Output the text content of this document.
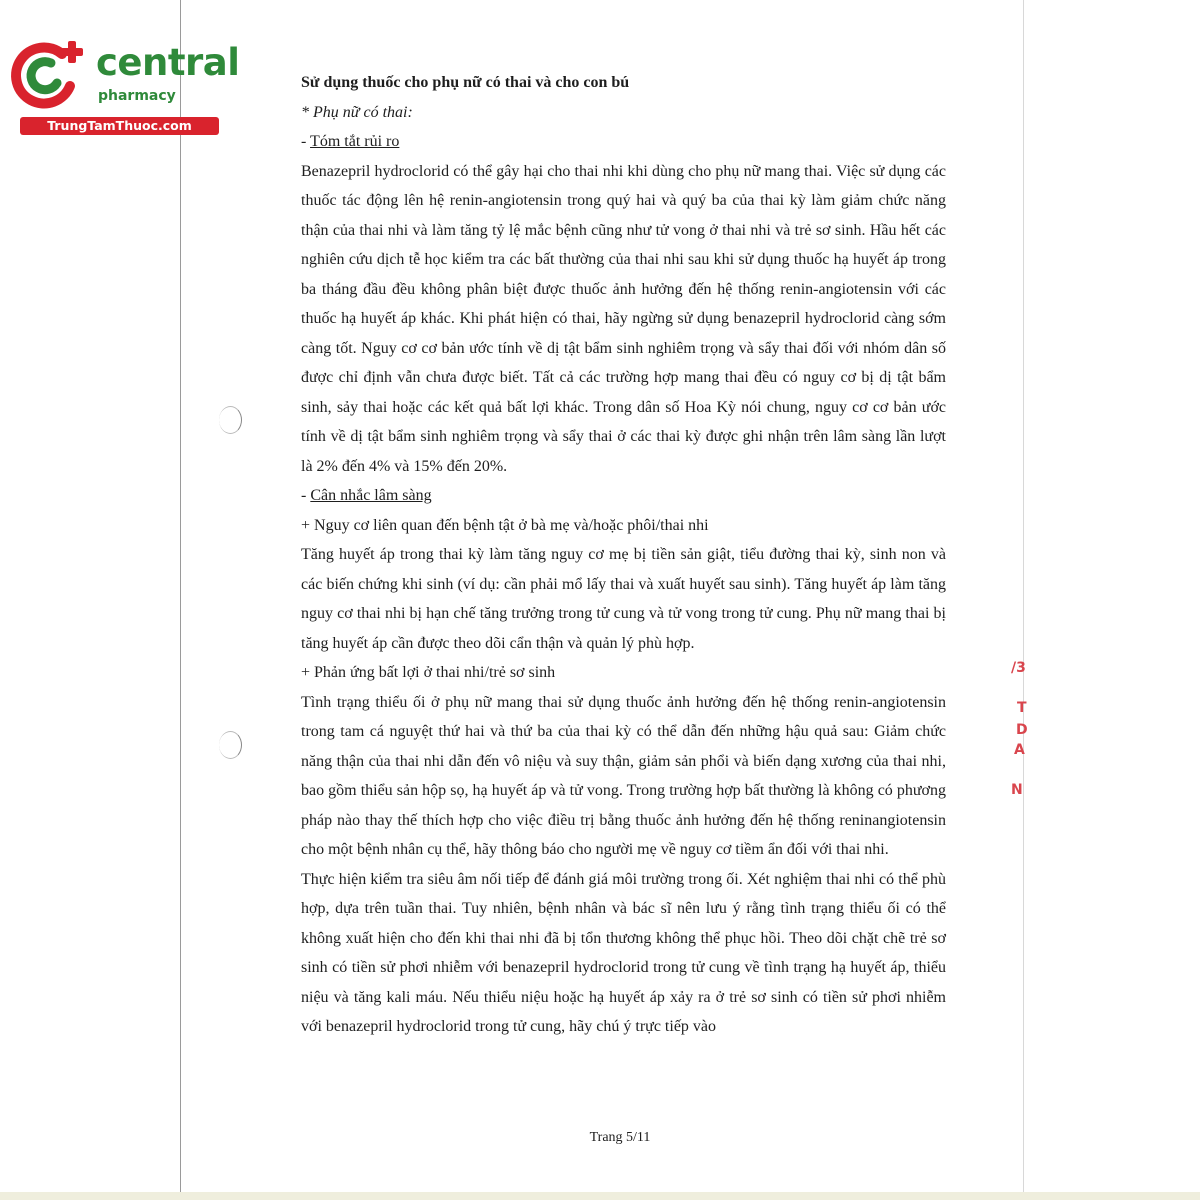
central
pharmacy
TrungTamThuoc.com

Sử dụng thuốc cho phụ nữ có thai và cho con bú

* Phụ nữ có thai:

- Tóm tắt rủi ro

Benazepril hydroclorid có thể gây hại cho thai nhi khi dùng cho phụ nữ mang thai. Việc sử dụng các thuốc tác động lên hệ renin-angiotensin trong quý hai và quý ba của thai kỳ làm giảm chức năng thận của thai nhi và làm tăng tỷ lệ mắc bệnh cũng như tử vong ở thai nhi và trẻ sơ sinh. Hầu hết các nghiên cứu dịch tễ học kiểm tra các bất thường của thai nhi sau khi sử dụng thuốc hạ huyết áp trong ba tháng đầu đều không phân biệt được thuốc ảnh hưởng đến hệ thống renin-angiotensin với các thuốc hạ huyết áp khác. Khi phát hiện có thai, hãy ngừng sử dụng benazepril hydroclorid càng sớm càng tốt. Nguy cơ cơ bản ước tính về dị tật bẩm sinh nghiêm trọng và sẩy thai đối với nhóm dân số được chỉ định vẫn chưa được biết. Tất cả các trường hợp mang thai đều có nguy cơ bị dị tật bẩm sinh, sảy thai hoặc các kết quả bất lợi khác. Trong dân số Hoa Kỳ nói chung, nguy cơ cơ bản ước tính về dị tật bẩm sinh nghiêm trọng và sẩy thai ở các thai kỳ được ghi nhận trên lâm sàng lần lượt là 2% đến 4% và 15% đến 20%.

- Cân nhắc lâm sàng

+ Nguy cơ liên quan đến bệnh tật ở bà mẹ và/hoặc phôi/thai nhi

Tăng huyết áp trong thai kỳ làm tăng nguy cơ mẹ bị tiền sản giật, tiểu đường thai kỳ, sinh non và các biến chứng khi sinh (ví dụ: cần phải mổ lấy thai và xuất huyết sau sinh). Tăng huyết áp làm tăng nguy cơ thai nhi bị hạn chế tăng trưởng trong tử cung và tử vong trong tử cung. Phụ nữ mang thai bị tăng huyết áp cần được theo dõi cẩn thận và quản lý phù hợp.

+ Phản ứng bất lợi ở thai nhi/trẻ sơ sinh

Tình trạng thiểu ối ở phụ nữ mang thai sử dụng thuốc ảnh hưởng đến hệ thống renin-angiotensin trong tam cá nguyệt thứ hai và thứ ba của thai kỳ có thể dẫn đến những hậu quả sau: Giảm chức năng thận của thai nhi dẫn đến vô niệu và suy thận, giảm sản phổi và biến dạng xương của thai nhi, bao gồm thiểu sản hộp sọ, hạ huyết áp và tử vong. Trong trường hợp bất thường là không có phương pháp nào thay thế thích hợp cho việc điều trị bằng thuốc ảnh hưởng đến hệ thống reninangiotensin cho một bệnh nhân cụ thể, hãy thông báo cho người mẹ về nguy cơ tiềm ẩn đối với thai nhi.

Thực hiện kiểm tra siêu âm nối tiếp để đánh giá môi trường trong ối. Xét nghiệm thai nhi có thể phù hợp, dựa trên tuần thai. Tuy nhiên, bệnh nhân và bác sĩ nên lưu ý rằng tình trạng thiểu ối có thể không xuất hiện cho đến khi thai nhi đã bị tổn thương không thể phục hồi. Theo dõi chặt chẽ trẻ sơ sinh có tiền sử phơi nhiễm với benazepril hydroclorid trong tử cung về tình trạng hạ huyết áp, thiểu niệu và tăng kali máu. Nếu thiểu niệu hoặc hạ huyết áp xảy ra ở trẻ sơ sinh có tiền sử phơi nhiễm với benazepril hydroclorid trong tử cung, hãy chú ý trực tiếp vào

Trang 5/11
/3
T
D
A
N
